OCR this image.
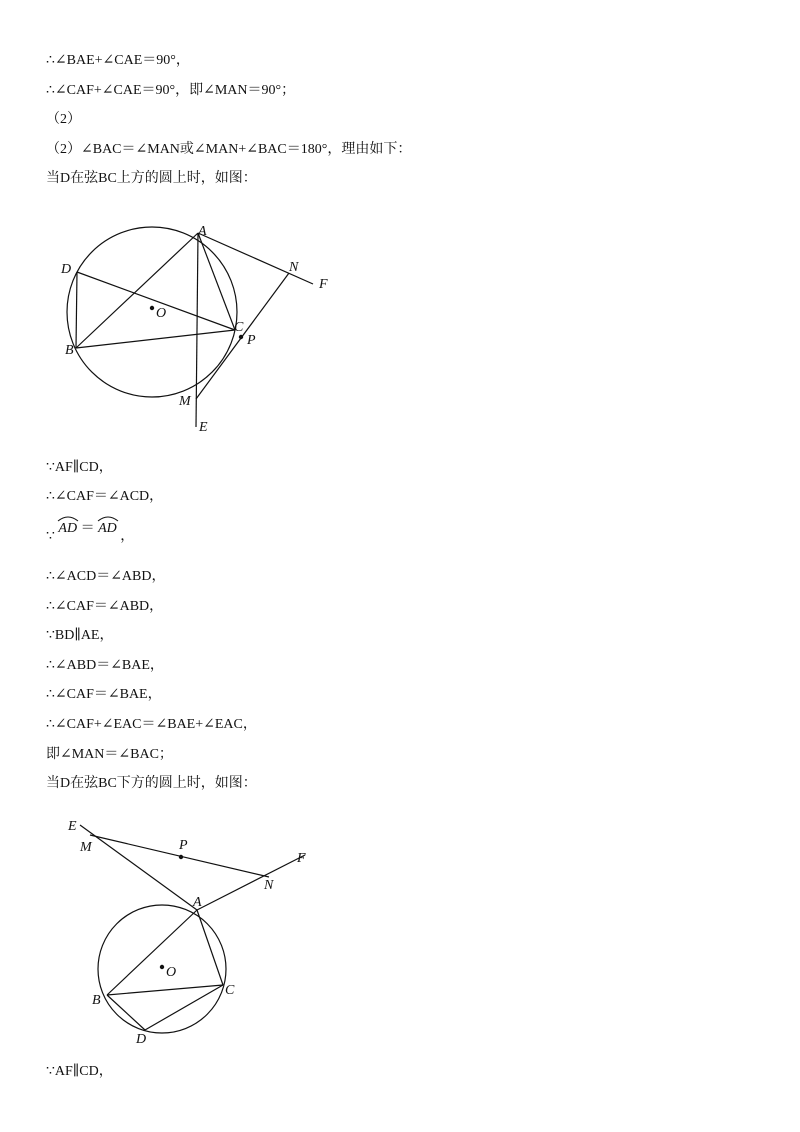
∴∠BAE+∠CAE＝90°，
∴∠CAF+∠CAE＝90°，即∠MAN＝90°；
（2）
（2）∠BAC＝∠MAN或∠MAN+∠BAC＝180°，理由如下：
当D在弦BC上方的圆上时，如图：
A
D	N
F
O
C
P
B
M
E
∵AF∥CD，
∴∠CAF＝∠ACD，
∵
AD ＝ AD ，
∴∠ACD＝∠ABD，
∴∠CAF＝∠ABD，
∵BD∥AE，
∴∠ABD＝∠BAE，
∴∠CAF＝∠BAE，
∴∠CAF+∠EAC＝∠BAE+∠EAC，
即∠MAN＝∠BAC；
当D在弦BC下方的圆上时，如图：
E
M	P
F
N
A
O
B
C
D
∵AF∥CD，
